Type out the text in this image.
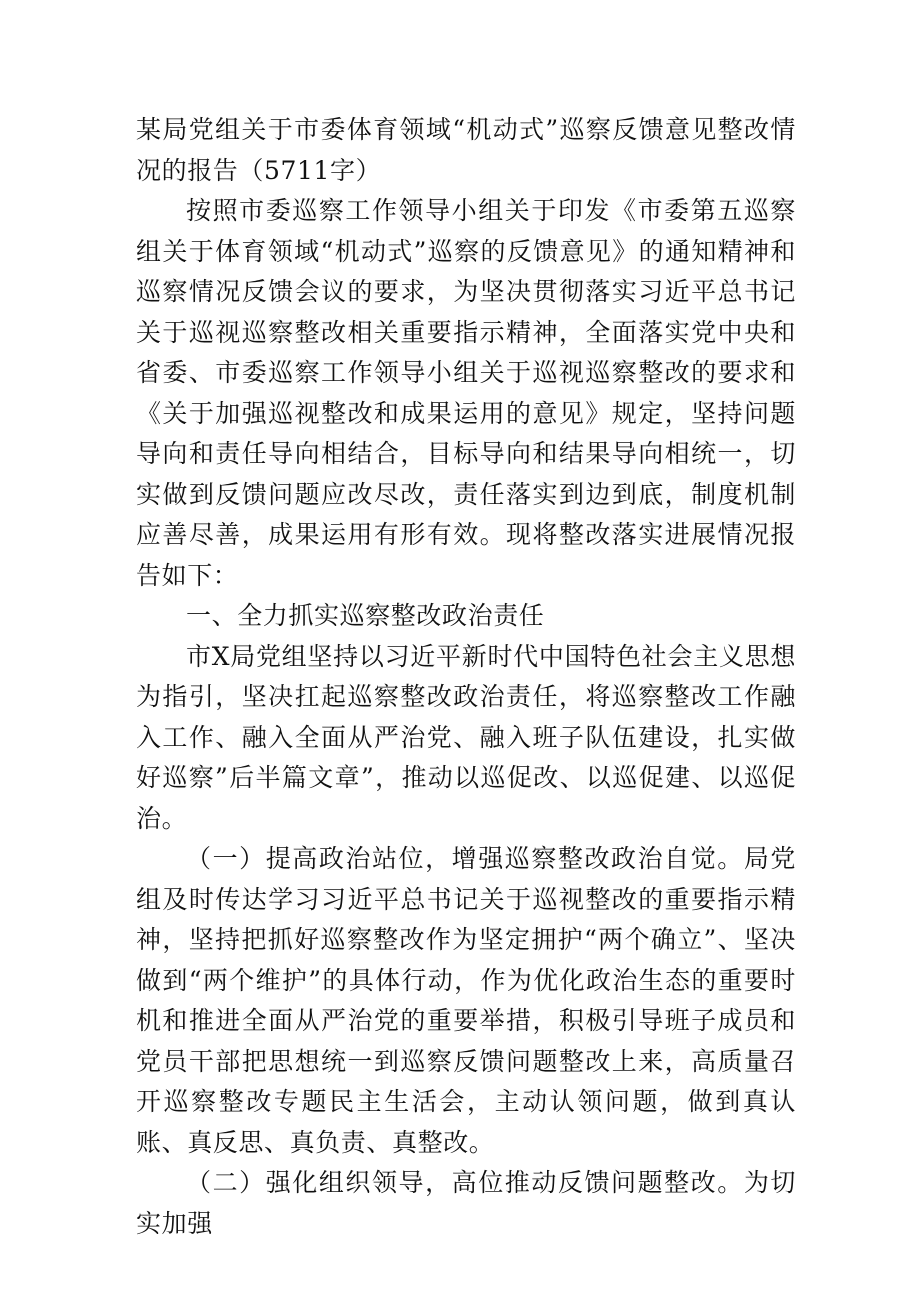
某局党组关于市委体育领域“机动式”巡察反馈意见整改情况的报告（5711字）

按照市委巡察工作领导小组关于印发《市委第五巡察组关于体育领域“机动式”巡察的反馈意见》的通知精神和巡察情况反馈会议的要求，为坚决贯彻落实习近平总书记关于巡视巡察整改相关重要指示精神，全面落实党中央和省委、市委巡察工作领导小组关于巡视巡察整改的要求和《关于加强巡视整改和成果运用的意见》规定，坚持问题导向和责任导向相结合，目标导向和结果导向相统一，切实做到反馈问题应改尽改，责任落实到边到底，制度机制应善尽善，成果运用有形有效。现将整改落实进展情况报告如下：

一、全力抓实巡察整改政治责任

市X局党组坚持以习近平新时代中国特色社会主义思想为指引，坚决扛起巡察整改政治责任，将巡察整改工作融入工作、融入全面从严治党、融入班子队伍建设，扎实做好巡察”后半篇文章”，推动以巡促改、以巡促建、以巡促治。

（一）提高政治站位，增强巡察整改政治自觉。局党组及时传达学习习近平总书记关于巡视整改的重要指示精神，坚持把抓好巡察整改作为坚定拥护“两个确立”、坚决做到“两个维护”的具体行动，作为优化政治生态的重要时机和推进全面从严治党的重要举措，积极引导班子成员和党员干部把思想统一到巡察反馈问题整改上来，高质量召开巡察整改专题民主生活会，主动认领问题，做到真认账、真反思、真负责、真整改。

（二）强化组织领导，高位推动反馈问题整改。为切实加强
